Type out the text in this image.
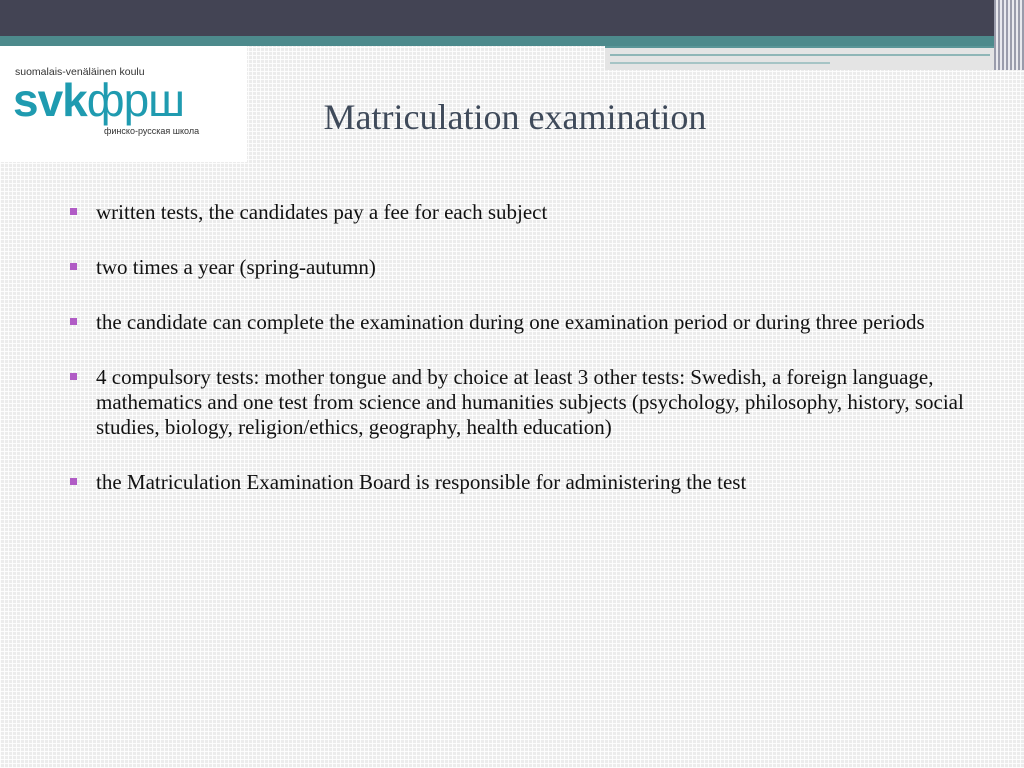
suomalais-venäläinen koulu
svkфрш
финско-русская школа	Matriculation examination
written tests, the candidates pay a fee for each subject
two times a year (spring-autumn)
the candidate can complete the examination during one examination period or during three periods
4 compulsory tests: mother tongue and by choice at least 3 other tests: Swedish, a foreign language, mathematics and one test from science and humanities subjects (psychology, philosophy, history, social studies, biology, religion/ethics, geography, health education)
the Matriculation Examination Board is responsible for administering the test
